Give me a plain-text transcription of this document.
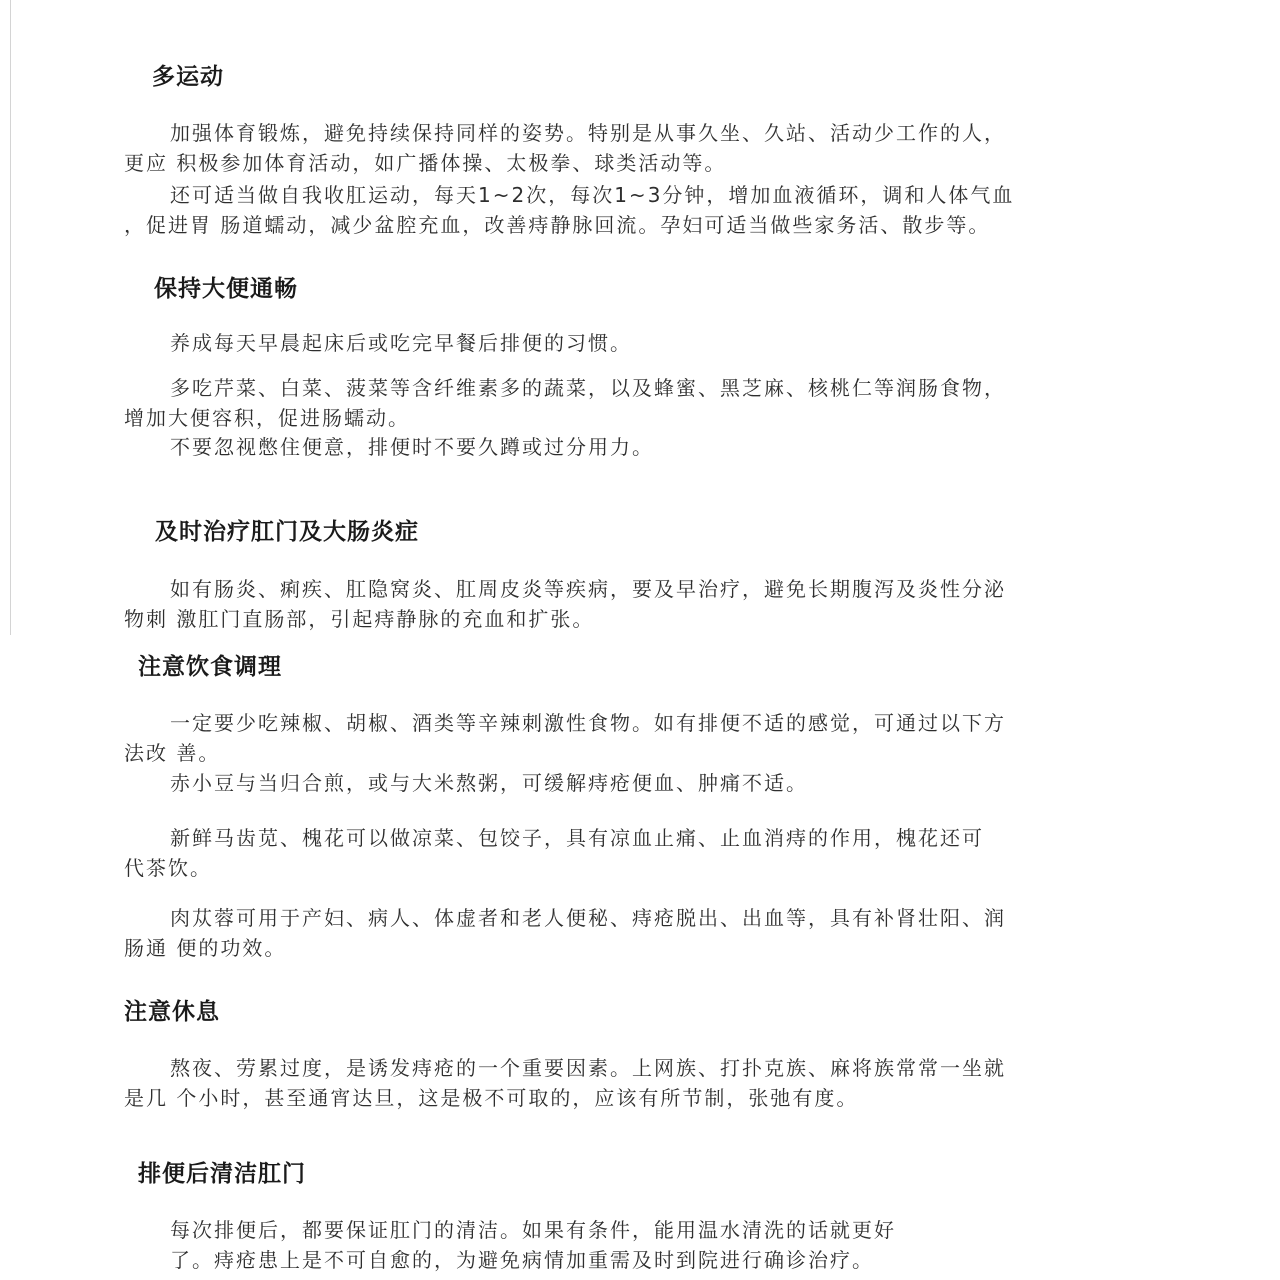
多运动

加强体育锻炼，避免持续保持同样的姿势。特别是从事久坐、久站、活动少工作的人，
更应 积极参加体育活动，如广播体操、太极拳、球类活动等。

还可适当做自我收肛运动，每天1~2次，每次1~3分钟，增加血液循环，调和人体气血
，促进胃 肠道蠕动，减少盆腔充血，改善痔静脉回流。孕妇可适当做些家务活、散步等。

保持大便通畅

养成每天早晨起床后或吃完早餐后排便的习惯。

多吃芹菜、白菜、菠菜等含纤维素多的蔬菜，以及蜂蜜、黑芝麻、核桃仁等润肠食物，
增加大便容积，促进肠蠕动。

不要忽视憋住便意，排便时不要久蹲或过分用力。

及时治疗肛门及大肠炎症

如有肠炎、痢疾、肛隐窝炎、肛周皮炎等疾病，要及早治疗，避免长期腹泻及炎性分泌
物刺 激肛门直肠部，引起痔静脉的充血和扩张。

注意饮食调理

一定要少吃辣椒、胡椒、酒类等辛辣刺激性食物。如有排便不适的感觉，可通过以下方
法改 善。

赤小豆与当归合煎，或与大米熬粥，可缓解痔疮便血、肿痛不适。

新鲜马齿苋、槐花可以做凉菜、包饺子，具有凉血止痛、止血消痔的作用，槐花还可
代茶饮。

肉苁蓉可用于产妇、病人、体虚者和老人便秘、痔疮脱出、出血等，具有补肾壮阳、润
肠通 便的功效。

注意休息

熬夜、劳累过度，是诱发痔疮的一个重要因素。上网族、打扑克族、麻将族常常一坐就
是几 个小时，甚至通宵达旦，这是极不可取的，应该有所节制，张弛有度。

排便后清洁肛门

每次排便后，都要保证肛门的清洁。如果有条件，能用温水清洗的话就更好
了。痔疮患上是不可自愈的，为避免病情加重需及时到院进行确诊治疗。
